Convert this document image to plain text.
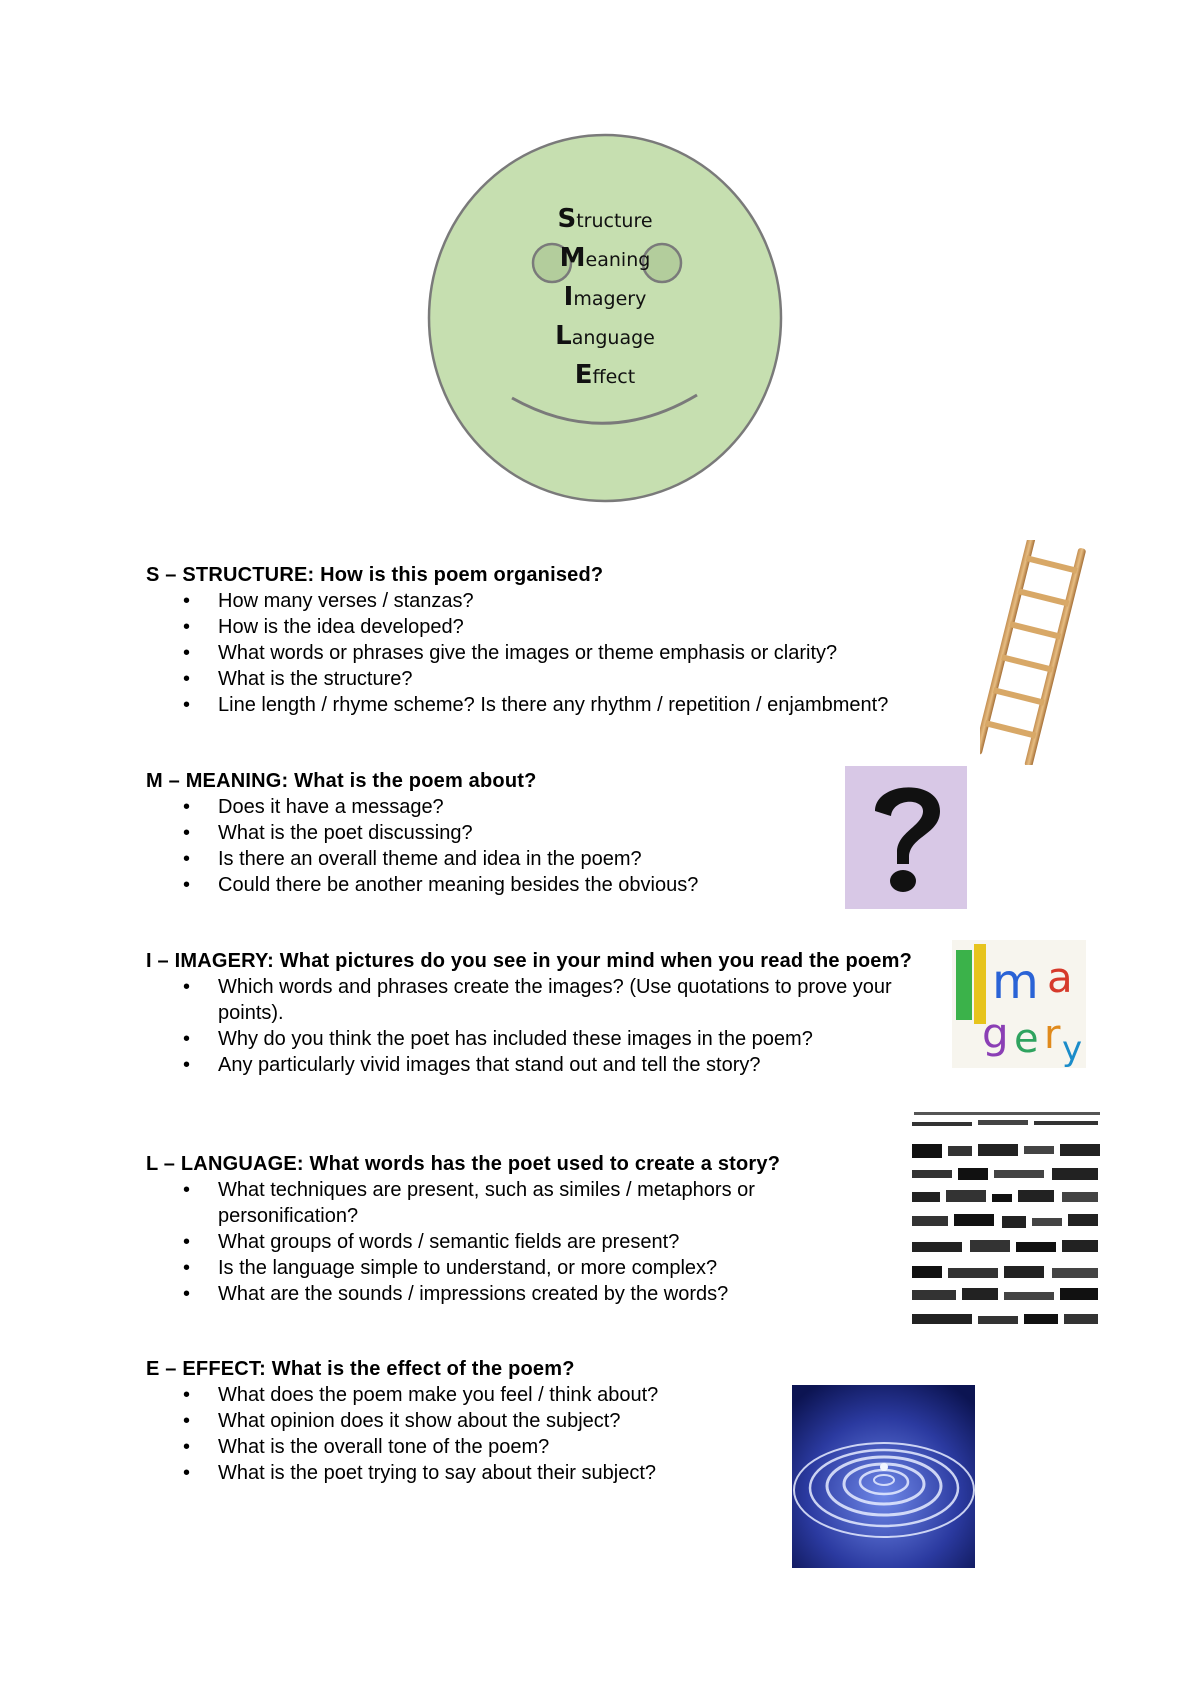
Structure
Meaning
Imagery
Language
Effect
S – STRUCTURE: How is this poem organised?
• How many verses / stanzas?
• How is the idea developed?
• What words or phrases give the images or theme emphasis or clarity?
• What is the structure?
• Line length / rhyme scheme? Is there any rhythm / repetition / enjambment?
M – MEANING: What is the poem about?
• Does it have a message?
• What is the poet discussing?
• Is there an overall theme and idea in the poem?
• Could there be another meaning besides the obvious?
I – IMAGERY: What pictures do you see in your mind when you read the poem?
• Which words and phrases create the images? (Use quotations to prove your points).
• Why do you think the poet has included these images in the poem?
• Any particularly vivid images that stand out and tell the story?
L – LANGUAGE: What words has the poet used to create a story?
• What techniques are present, such as similes / metaphors or personification?
• What groups of words / semantic fields are present?
• Is the language simple to understand, or more complex?
• What are the sounds / impressions created by the words?
E – EFFECT: What is the effect of the poem?
• What does the poem make you feel / think about?
• What opinion does it show about the subject?
• What is the overall tone of the poem?
• What is the poet trying to say about their subject?
m a
g e r y
